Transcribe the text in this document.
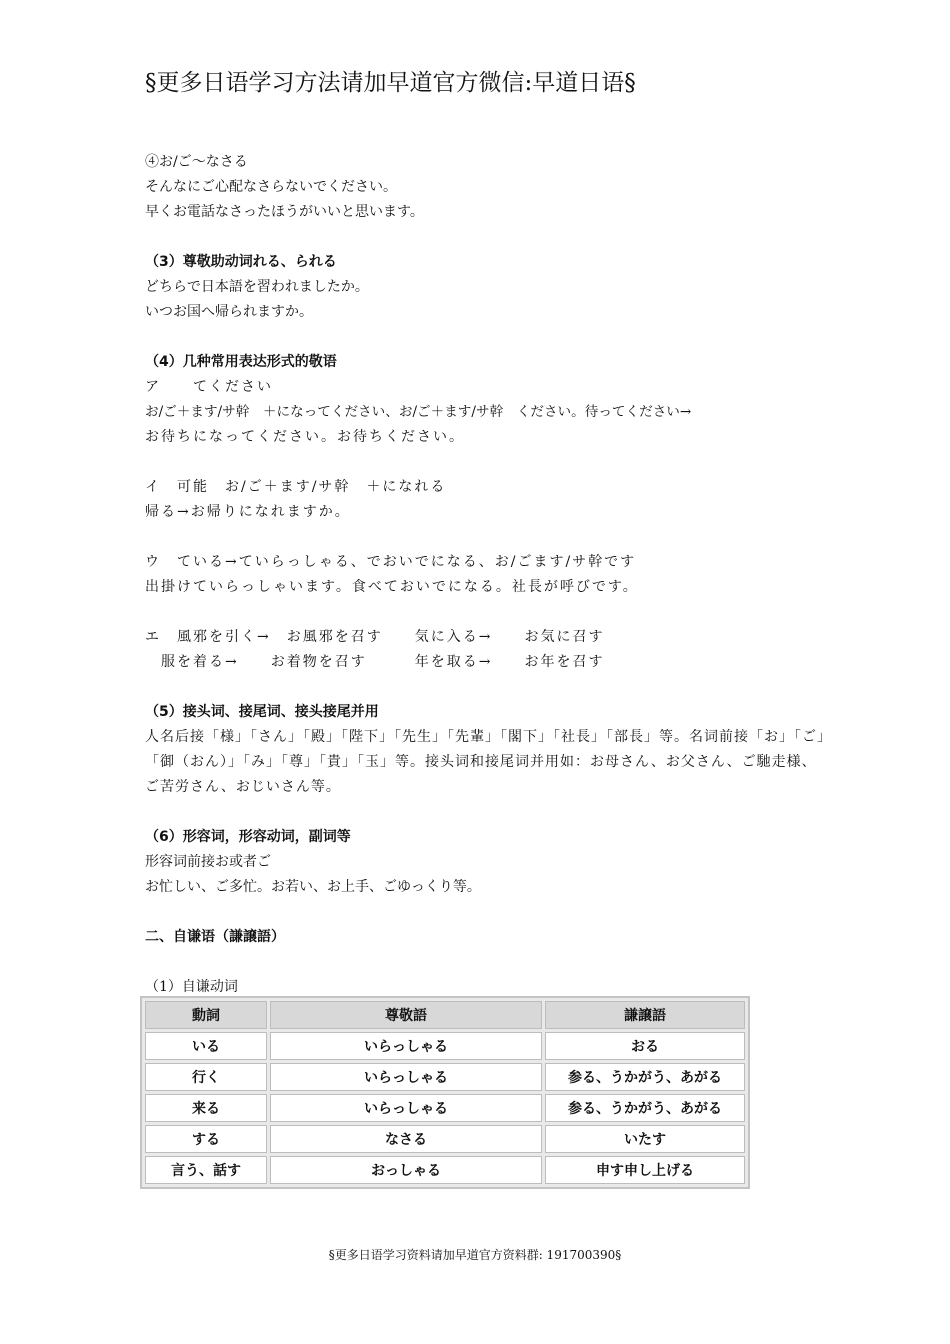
§更多日语学习方法请加早道官方微信:早道日语§
④お/ご～なさる
そんなにご心配なさらないでください。
早くお電話なさったほうがいいと思います。
（3）尊敬助动词れる、られる
どちらで日本語を習われましたか。
いつお国へ帰られますか。
（4）几种常用表达形式的敬语
ア　　てください
お/ご＋ます/サ幹　＋になってください、お/ご＋ます/サ幹　ください。待ってください→
お待ちになってください。お待ちください。
イ　可能　お/ご＋ます/サ幹　＋になれる
帰る→お帰りになれますか。
ウ　ている→ていらっしゃる、でおいでになる、お/ごます/サ幹です
出掛けていらっしゃいます。食べておいでになる。社長が呼びです。
エ　風邪を引く→　お風邪を召す　　気に入る→　　お気に召す
　服を着る→　　お着物を召す　　　年を取る→　　お年を召す
（5）接头词、接尾词、接头接尾并用
人名后接「様」「さん」「殿」「陛下」「先生」「先輩」「閣下」「社長」「部長」等。名词前接「お」「ご」「御（おん）」「み」「尊」「貴」「玉」等。接头词和接尾词并用如：お母さん、お父さん、ご馳走様、ご苦労さん、おじいさん等。
（6）形容词，形容动词，副词等
形容词前接お或者ご
お忙しい、ご多忙。お若い、お上手、ごゆっくり等。
二、自谦语（謙譲語）
（1）自谦动词
動詞	尊敬語	謙譲語
いる	いらっしゃる	おる
行く	いらっしゃる	参る、うかがう、あがる
来る	いらっしゃる	参る、うかがう、あがる
する	なさる	いたす
言う、話す	おっしゃる	申す申し上げる
§更多日语学习资料请加早道官方资料群: 191700390§
